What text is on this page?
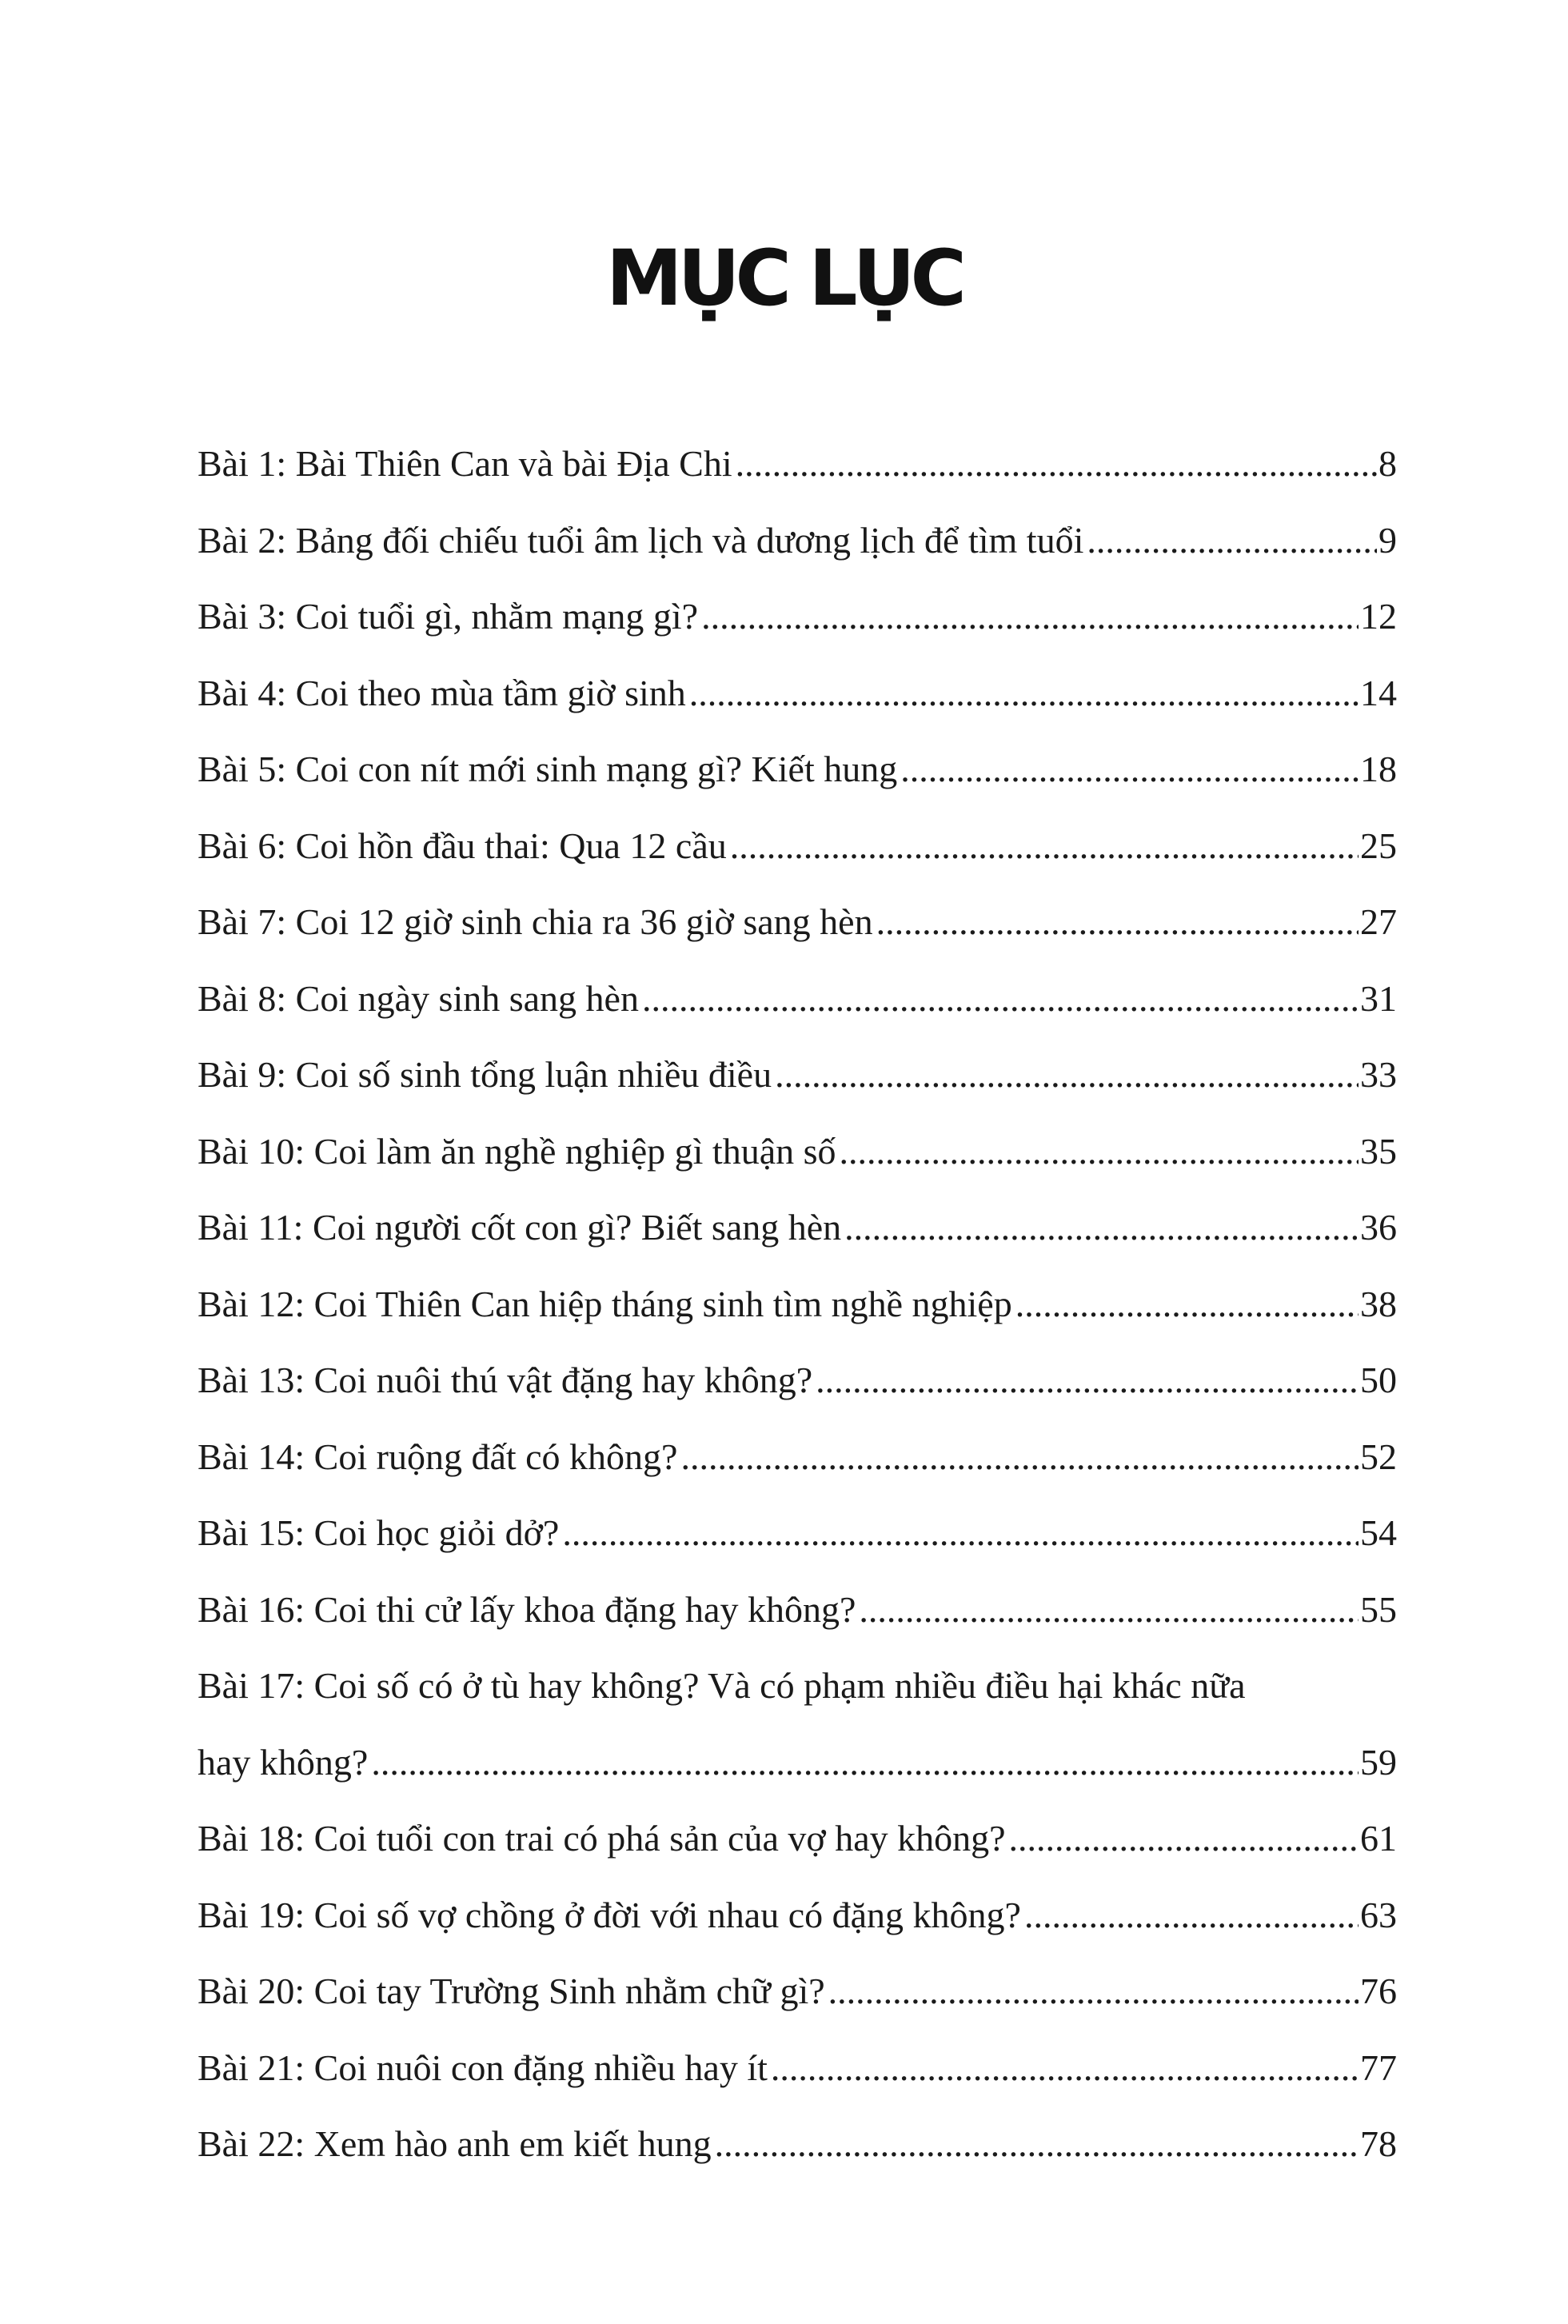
MỤC LỤC
Bài 1: Bài Thiên Can và bài Địa Chi .....	8
Bài 2: Bảng đối chiếu tuổi âm lịch và dương lịch để tìm tuổi .....	9
Bài 3: Coi tuổi gì, nhằm mạng gì? .....	12
Bài 4: Coi theo mùa tầm giờ sinh .....	14
Bài 5: Coi con nít mới sinh mạng gì? Kiết hung .....	18
Bài 6: Coi hồn đầu thai: Qua 12 cầu .....	25
Bài 7: Coi 12 giờ sinh chia ra 36 giờ sang hèn .....	27
Bài 8: Coi ngày sinh sang hèn .....	31
Bài 9: Coi số sinh tổng luận nhiều điều .....	33
Bài 10: Coi làm ăn nghề nghiệp gì thuận số .....	35
Bài 11: Coi người cốt con gì? Biết sang hèn .....	36
Bài 12: Coi Thiên Can hiệp tháng sinh tìm nghề nghiệp .....	38
Bài 13: Coi nuôi thú vật đặng hay không? .....	50
Bài 14: Coi ruộng đất có không? .....	52
Bài 15: Coi học giỏi dở? .....	54
Bài 16: Coi thi cử lấy khoa đặng hay không? .....	55
Bài 17: Coi số có ở tù hay không? Và có phạm nhiều điều hại khác nữa
hay không? .....	59
Bài 18: Coi tuổi con trai có phá sản của vợ hay không? .....	61
Bài 19: Coi số vợ chồng ở đời với nhau có đặng không? .....	63
Bài 20: Coi tay Trường Sinh nhằm chữ gì? .....	76
Bài 21: Coi nuôi con đặng nhiều hay ít .....	77
Bài 22: Xem hào anh em kiết hung .....	78
